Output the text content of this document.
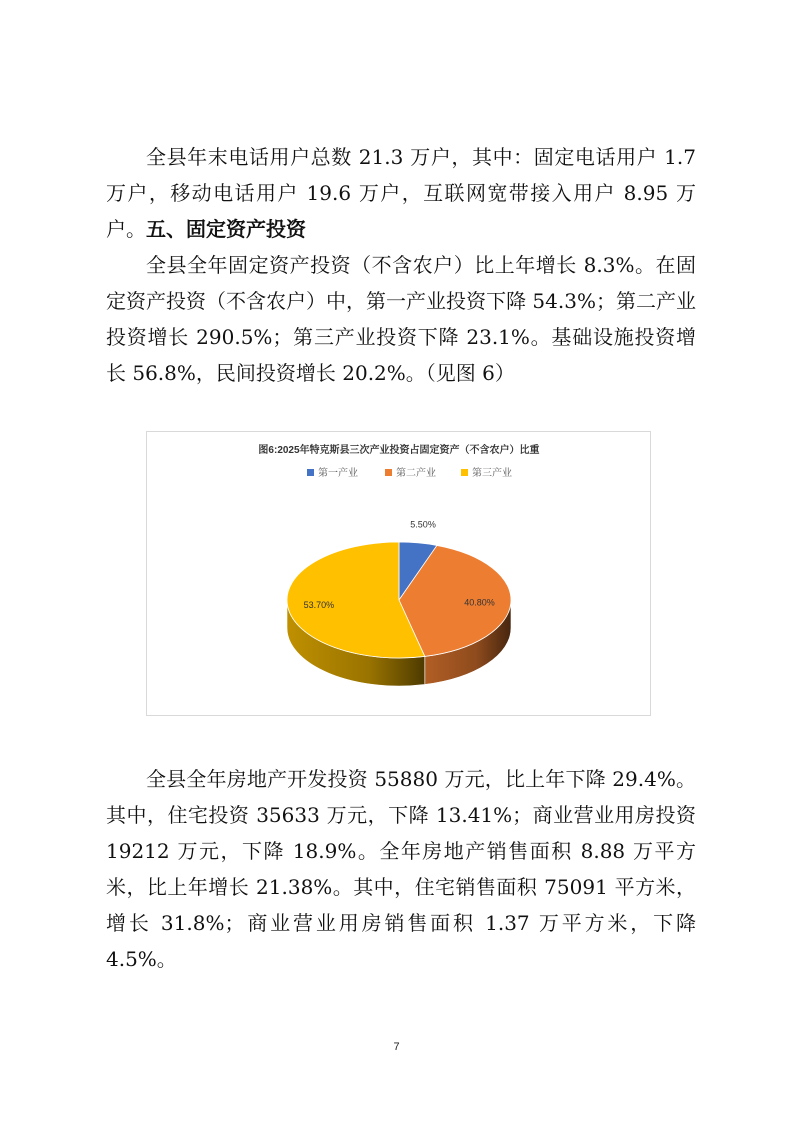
全县年末电话用户总数 21.3 万户，其中：固定电话用户 1.7 万户，移动电话用户 19.6 万户，互联网宽带接入用户 8.95 万户。 五、固定资产投资

全县全年固定资产投资（不含农户）比上年增长 8.3%。在固定资产投资（不含农户）中，第一产业投资下降 54.3%；第二产业投资增长 290.5%；第三产业投资下降 23.1%。基础设施投资增长 56.8%，民间投资增长 20.2%。（见图 6）

图6:2025年特克斯县三次产业投资占固定资产（不含农户）比重
第一产业	第二产业	第三产业
5.50%
40.80%
53.70%

全县全年房地产开发投资 55880 万元，比上年下降 29.4%。其中，住宅投资 35633 万元，下降 13.41%；商业营业用房投资 19212 万元，下降 18.9%。全年房地产销售面积 8.88 万平方米，比上年增长 21.38%。其中，住宅销售面积 75091 平方米，增长 31.8%；商业营业用房销售面积 1.37 万平方米，下降 4.5%。

7
